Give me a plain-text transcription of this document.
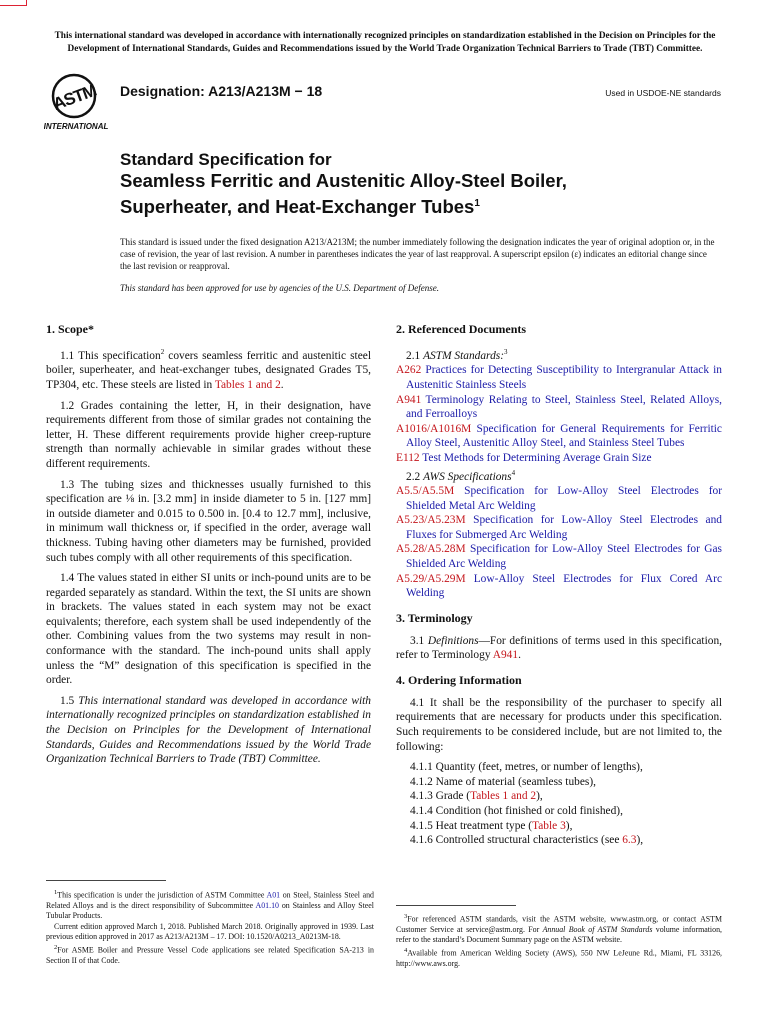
This international standard was developed in accordance with internationally recognized principles on standardization established in the Decision on Principles for the Development of International Standards, Guides and Recommendations issued by the World Trade Organization Technical Barriers to Trade (TBT) Committee.
ASTM
INTERNATIONAL
Designation: A213/A213M − 18	Used in USDOE-NE standards
Standard Specification for
Seamless Ferritic and Austenitic Alloy-Steel Boiler,
Superheater, and Heat-Exchanger Tubes$^1$
This standard is issued under the fixed designation A213/A213M; the number immediately following the designation indicates the year of original adoption or, in the case of revision, the year of last revision. A number in parentheses indicates the year of last reapproval. A superscript epsilon (ε) indicates an editorial change since the last revision or reapproval.
This standard has been approved for use by agencies of the U.S. Department of Defense.
1. Scope*

1.1 This specification$^2$ covers seamless ferritic and austenitic steel boiler, superheater, and heat-exchanger tubes, designated Grades T5, TP304, etc. These steels are listed in Tables 1 and 2.

1.2 Grades containing the letter, H, in their designation, have requirements different from those of similar grades not containing the letter, H. These different requirements provide higher creep-rupture strength than normally achievable in similar grades without these different requirements.

1.3 The tubing sizes and thicknesses usually furnished to this specification are ⅛ in. [3.2 mm] in inside diameter to 5 in. [127 mm] in outside diameter and 0.015 to 0.500 in. [0.4 to 12.7 mm], inclusive, in minimum wall thickness or, if specified in the order, average wall thickness. Tubing having other diameters may be furnished, provided such tubes comply with all other requirements of this specification.

1.4 The values stated in either SI units or inch-pound units are to be regarded separately as standard. Within the text, the SI units are shown in brackets. The values stated in each system may not be exact equivalents; therefore, each system shall be used independently of the other. Combining values from the two systems may result in non-conformance with the standard. The inch-pound units shall apply unless the “M” designation of this specification is specified in the order.

1.5 This international standard was developed in accordance with internationally recognized principles on standardization established in the Decision on Principles for the Development of International Standards, Guides and Recommendations issued by the World Trade Organization Technical Barriers to Trade (TBT) Committee.

2. Referenced Documents

2.1 ASTM Standards:$^3$

A262 Practices for Detecting Susceptibility to Intergranular Attack in Austenitic Stainless Steels

A941 Terminology Relating to Steel, Stainless Steel, Related Alloys, and Ferroalloys

A1016/A1016M Specification for General Requirements for Ferritic Alloy Steel, Austenitic Alloy Steel, and Stainless Steel Tubes

E112 Test Methods for Determining Average Grain Size

2.2 AWS Specifications$^4$

A5.5/A5.5M Specification for Low-Alloy Steel Electrodes for Shielded Metal Arc Welding

A5.23/A5.23M Specification for Low-Alloy Steel Electrodes and Fluxes for Submerged Arc Welding

A5.28/A5.28M Specification for Low-Alloy Steel Electrodes for Gas Shielded Arc Welding

A5.29/A5.29M Low-Alloy Steel Electrodes for Flux Cored Arc Welding

3. Terminology

3.1 Definitions—For definitions of terms used in this specification, refer to Terminology A941.

4. Ordering Information

4.1 It shall be the responsibility of the purchaser to specify all requirements that are necessary for products under this specification. Such requirements to be considered include, but are not limited to, the following:

4.1.1 Quantity (feet, metres, or number of lengths),

4.1.2 Name of material (seamless tubes),

4.1.3 Grade (Tables 1 and 2),

4.1.4 Condition (hot finished or cold finished),

4.1.5 Heat treatment type (Table 3),

4.1.6 Controlled structural characteristics (see 6.3),

$^1$This specification is under the jurisdiction of ASTM Committee A01 on Steel, Stainless Steel and Related Alloys and is the direct responsibility of Subcommittee A01.10 on Stainless and Alloy Steel Tubular Products.

Current edition approved March 1, 2018. Published March 2018. Originally approved in 1939. Last previous edition approved in 2017 as A213/A213M – 17. DOI: 10.1520/A0213_A0213M-18.

$^2$For ASME Boiler and Pressure Vessel Code applications see related Specification SA-213 in Section II of that Code.

$^3$For referenced ASTM standards, visit the ASTM website, www.astm.org, or contact ASTM Customer Service at service@astm.org. For Annual Book of ASTM Standards volume information, refer to the standard’s Document Summary page on the ASTM website.

$^4$Available from American Welding Society (AWS), 550 NW LeJeune Rd., Miami, FL 33126, http://www.aws.org.
